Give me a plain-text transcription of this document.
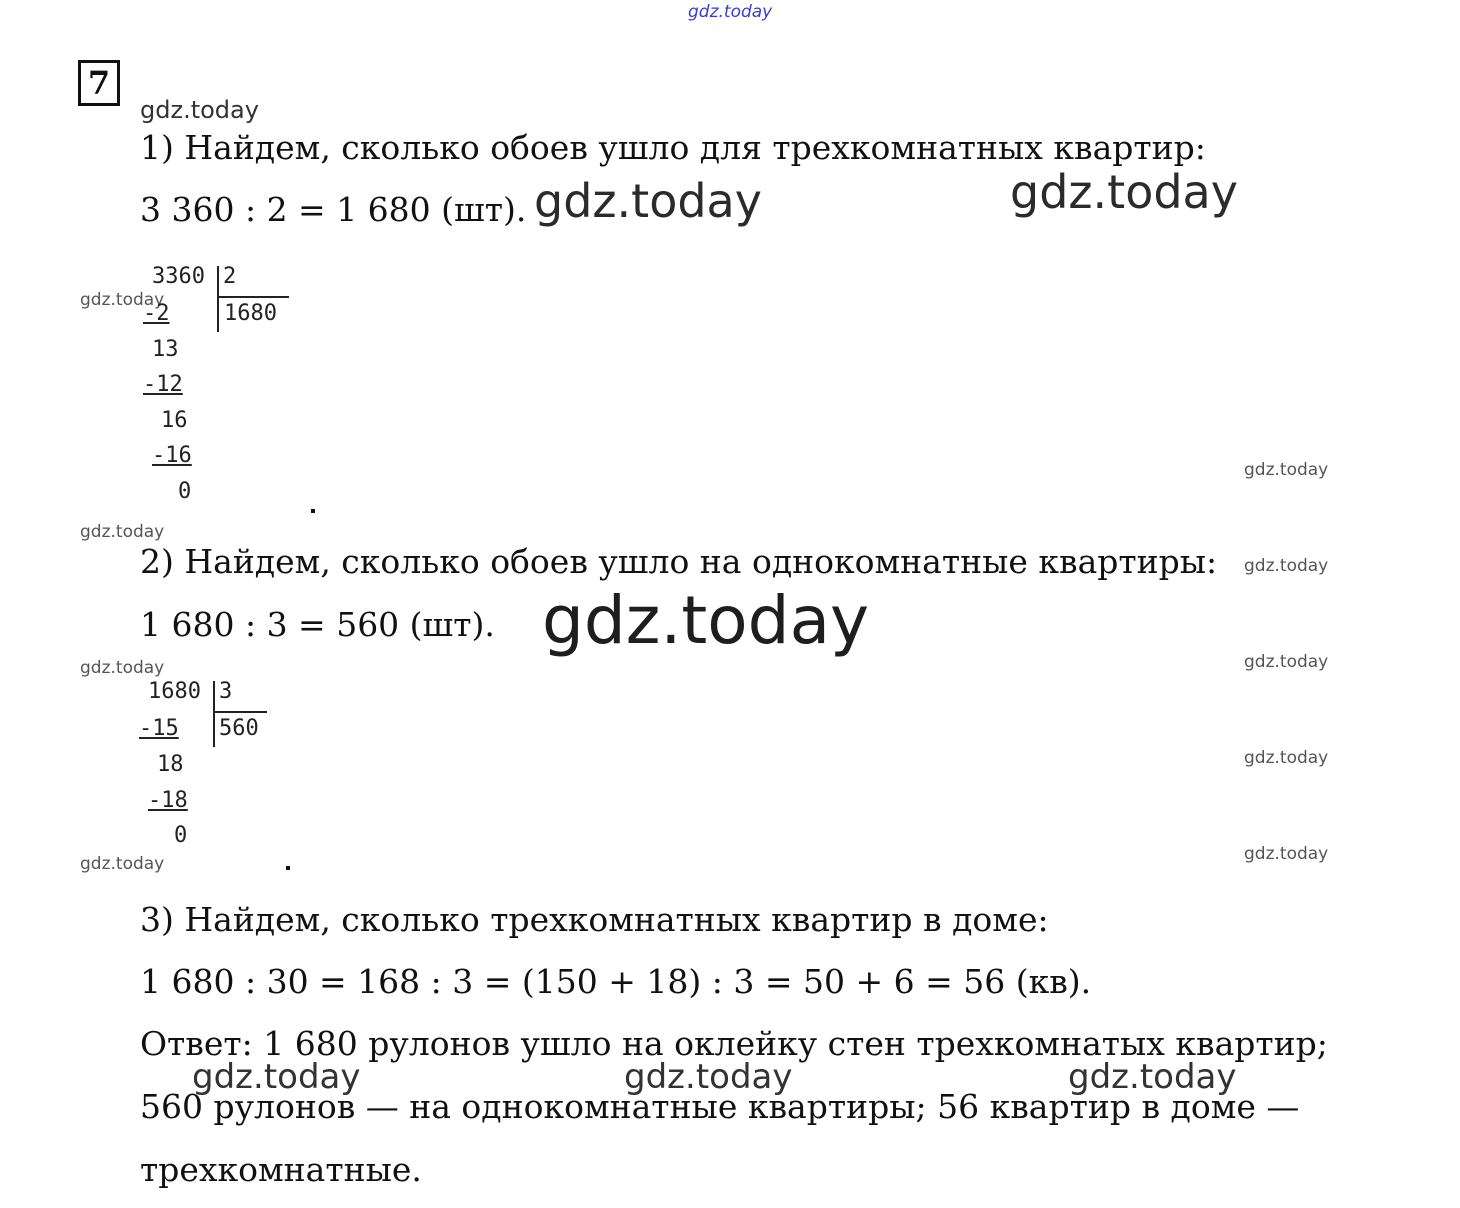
gdz.today
7
gdz.today
gdz.today	gdz.today
gdz.today
gdz.today
gdz.today
gdz.today
gdz.today
gdz.today	gdz.today
gdz.today
gdz.today
gdz.today
1) Найдем, сколько обоев ушло для трехкомнатных квартир:
3 360 : 2 = 1 680 (шт).
3360 2
1680
-2
13
-12
16
-16
0
2) Найдем, сколько обоев ушло на однокомнатные квартиры:
1 680 : 3 = 560 (шт).
1680 3
560
-15
18
-18
0
3) Найдем, сколько трехкомнатных квартир в доме:
1 680 : 30 = 168 : 3 = (150 + 18) : 3 = 50 + 6 = 56 (кв).
Ответ: 1 680 рулонов ушло на оклейку стен трехкомнатых квартир;
gdz.today	gdz.today	gdz.today
560 рулонов — на однокомнатные квартиры; 56 квартир в доме —
трехкомнатные.
